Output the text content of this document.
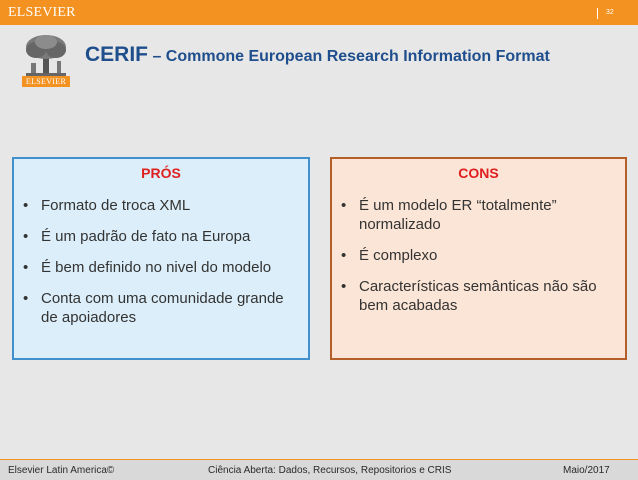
ELSEVIER	32
ELSEVIER
CERIF – Commone European Research Information Format
PRÓS
• Formato de troca XML
• É um padrão de fato na Europa
• É bem definido no nivel do modelo
• Conta com uma comunidade grande de apoiadores
CONS
• É um modelo ER “totalmente” normalizado
• É complexo
• Características semânticas não são bem acabadas
Elsevier Latin America©	Ciência Aberta: Dados, Recursos, Repositorios e CRIS	Maio/2017
